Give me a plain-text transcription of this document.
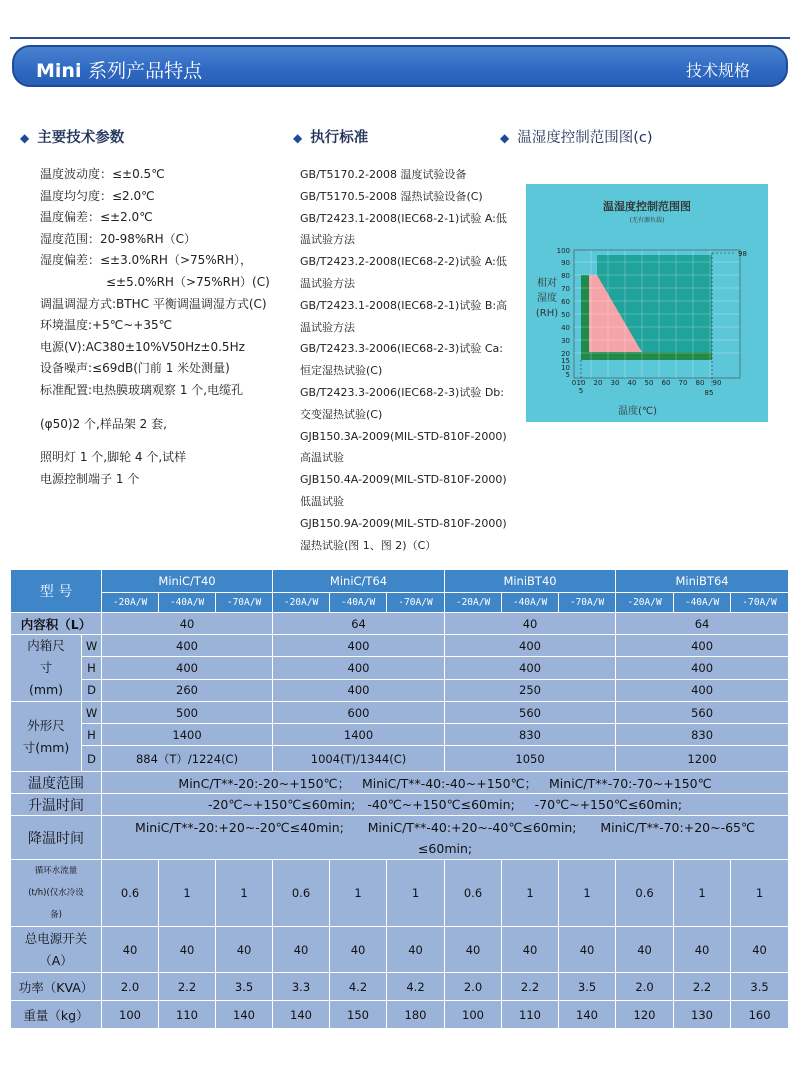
Mini 系列产品特点	技术规格
◆ 主要技术参数	◆ 执行标准	◆ 温湿度控制范围图(c)
温度波动度：≤±0.5℃
温度均匀度：≤2.0℃
温度偏差：≤±2.0℃
湿度范围：20-98%RH（C）
湿度偏差：≤±3.0%RH（>75%RH），
≤±5.0%RH（>75%RH）(C)
调温调湿方式:BTHC 平衡调温调湿方式(C)
环境温度:+5℃~+35℃
电源(V):AC380±10%V50Hz±0.5Hz
设备噪声:≤69dB(门前 1 米处测量)
标准配置:电热膜玻璃观察 1 个,电缆孔
(φ50)2 个,样品架 2 套,
照明灯 1 个,脚轮 4 个,试样
电源控制端子 1 个
GB/T5170.2-2008 温度试验设备
GB/T5170.5-2008 湿热试验设备(C)
GB/T2423.1-2008(IEC68-2-1)试验 A:低
温试验方法
GB/T2423.2-2008(IEC68-2-2)试验 A:低
温试验方法
GB/T2423.1-2008(IEC68-2-1)试验 B:高
温试验方法
GB/T2423.3-2006(IEC68-2-3)试验 Ca:
恒定湿热试验(C)
GB/T2423.3-2006(IEC68-2-3)试验 Db:
交变湿热试验(C)
GJB150.3A-2009(MIL-STD-810F-2000)
高温试验
GJB150.4A-2009(MIL-STD-810F-2000)
低温试验
GJB150.9A-2009(MIL-STD-810F-2000)
湿热试验(图 1、图 2)（C）
温湿度控制范围图
(无有源负载)
相对
湿度
(RH)
温度(℃)
100
90
80
70
60
50
40
30
20
15
10
5
10 20 30 40 50 60 70 80 90
0
5	85
98
型 号		MiniC/T40			MiniC/T64			MiniBT40			MiniBT64		
		-20A/W	-40A/W	-70A/W	-20A/W	-40A/W	-70A/W	-20A/W	-40A/W	-70A/W	-20A/W	-40A/W	-70A/W
内容积（L）		40			64			40			64		
内箱尺
寸
(mm)	W	400			400			400			400		
	H	400			400			400			400		
	D	260			400			250			400		
外形尺
寸(mm)	W	500			600			560			560		
	H	1400			1400			830			830		
	D	884（T）/1224(C)			1004(T)/1344(C)			1050			1200		
温度范围		MinC/T**-20:-20~+150℃；   MiniC/T**-40:-40~+150℃；   MiniC/T**-70:-70~+150℃											
升温时间		-20℃~+150℃≤60min;   -40℃~+150℃≤60min;     -70℃~+150℃≤60min;											
降温时间		MiniC/T**-20:+20~-20℃≤40min;      MiniC/T**-40:+20~-40℃≤60min;      MiniC/T**-70:+20~-65℃
≤60min;											
循环水流量
(t/h)(仅水冷设
备)		0.6	1	1	0.6	1	1	0.6	1	1	0.6	1	1
总电源开关
（A）		40	40	40	40	40	40	40	40	40	40	40	40
功率（KVA）		2.0	2.2	3.5	3.3	4.2	4.2	2.0	2.2	3.5	2.0	2.2	3.5
重量（kg）		100	110	140	140	150	180	100	110	140	120	130	160
